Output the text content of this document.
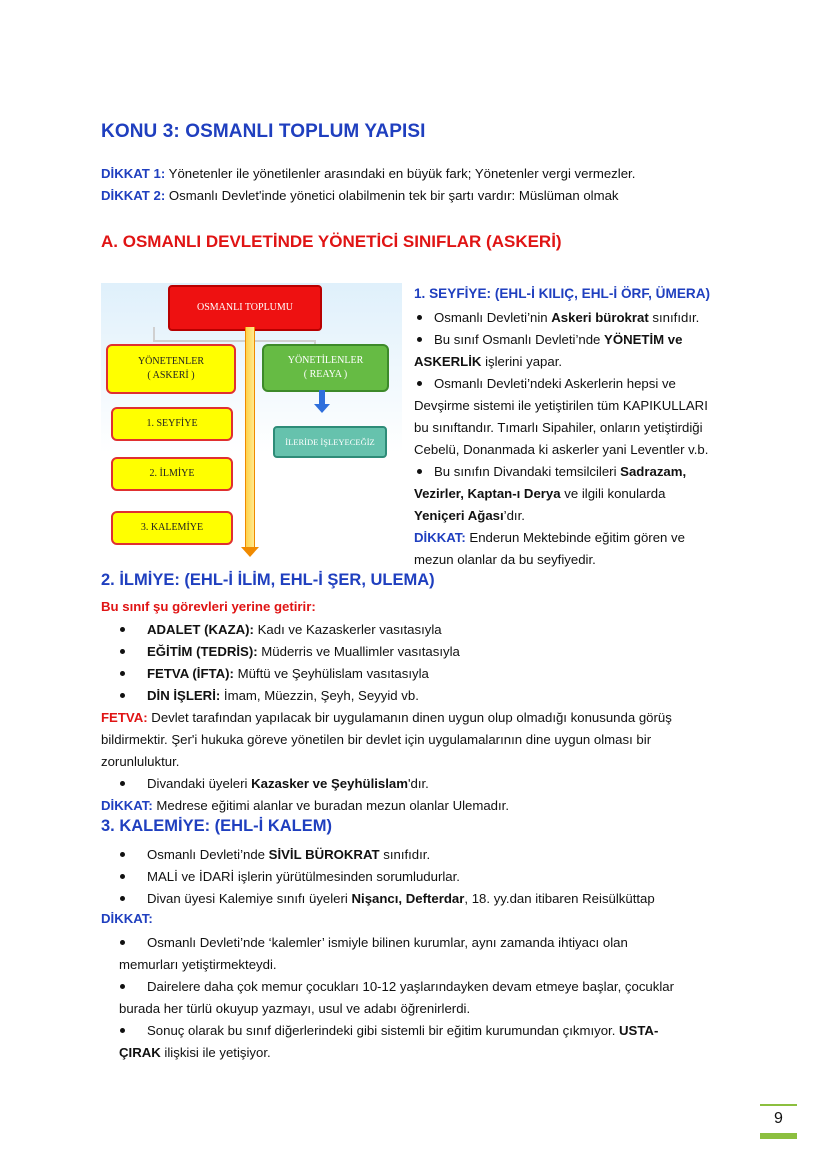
KONU 3: OSMANLI TOPLUM YAPISI
DİKKAT 1: Yönetenler ile yönetilenler arasındaki en büyük fark; Yönetenler vergi vermezler.
DİKKAT 2: Osmanlı Devlet'inde yönetici olabilmenin tek bir şartı vardır: Müslüman olmak
A. OSMANLI DEVLETİNDE YÖNETİCİ SINIFLAR (ASKERİ)
OSMANLI TOPLUMU
YÖNETENLER
( ASKERİ )
YÖNETİLENLER
( REAYA )
İLERİDE İŞLEYECEĞİZ
1. SEYFİYE
2. İLMİYE
3. KALEMİYE
1. SEYFİYE: (EHL-İ KILIÇ, EHL-İ ÖRF, ÜMERA)
Osmanlı Devleti’nin Askeri bürokrat sınıfıdır.
Bu sınıf Osmanlı Devleti’nde YÖNETİM ve
ASKERLİK işlerini yapar.
Osmanlı Devleti’ndeki Askerlerin hepsi ve
Devşirme sistemi ile yetiştirilen tüm KAPIKULLARI
bu sınıftandır. Tımarlı Sipahiler, onların yetiştirdiği
Cebelü, Donanmada ki askerler yani Leventler v.b.
Bu sınıfın Divandaki temsilcileri Sadrazam,
Vezirler, Kaptan-ı Derya ve ilgili konularda
Yeniçeri Ağası’dır.
DİKKAT: Enderun Mektebinde eğitim gören ve
mezun olanlar da bu seyfiyedir.
2. İLMİYE: (EHL-İ İLİM, EHL-İ ŞER, ULEMA)
Bu sınıf şu görevleri yerine getirir:
ADALET (KAZA): Kadı ve Kazaskerler vasıtasıyla
EĞİTİM (TEDRİS): Müderris ve Muallimler vasıtasıyla
FETVA (İFTA): Müftü ve Şeyhülislam vasıtasıyla
DİN İŞLERİ: İmam, Müezzin, Şeyh, Seyyid vb.
FETVA: Devlet tarafından yapılacak bir uygulamanın dinen uygun olup olmadığı konusunda görüş
bildirmektir. Şer'i hukuka göreve yönetilen bir devlet için uygulamalarının dine uygun olması bir
zorunluluktur.
Divandaki üyeleri Kazasker ve Şeyhülislam'dır.
DİKKAT: Medrese eğitimi alanlar ve buradan mezun olanlar Ulemadır.
3. KALEMİYE: (EHL-İ KALEM)
Osmanlı Devleti’nde SİVİL BÜROKRAT sınıfıdır.
MALİ ve İDARİ işlerin yürütülmesinden sorumludurlar.
Divan üyesi Kalemiye sınıfı üyeleri Nişancı, Defterdar, 18. yy.dan itibaren Reisülküttap
DİKKAT:
Osmanlı Devleti’nde ‘kalemler’ ismiyle bilinen kurumlar, aynı zamanda ihtiyacı olan
memurları yetiştirmekteydi.
Dairelere daha çok memur çocukları 10-12 yaşlarındayken devam etmeye başlar, çocuklar
burada her türlü okuyup yazmayı, usul ve adabı öğrenirlerdi.
Sonuç olarak bu sınıf diğerlerindeki gibi sistemli bir eğitim kurumundan çıkmıyor. USTA-
ÇIRAK ilişkisi ile yetişiyor.
9
